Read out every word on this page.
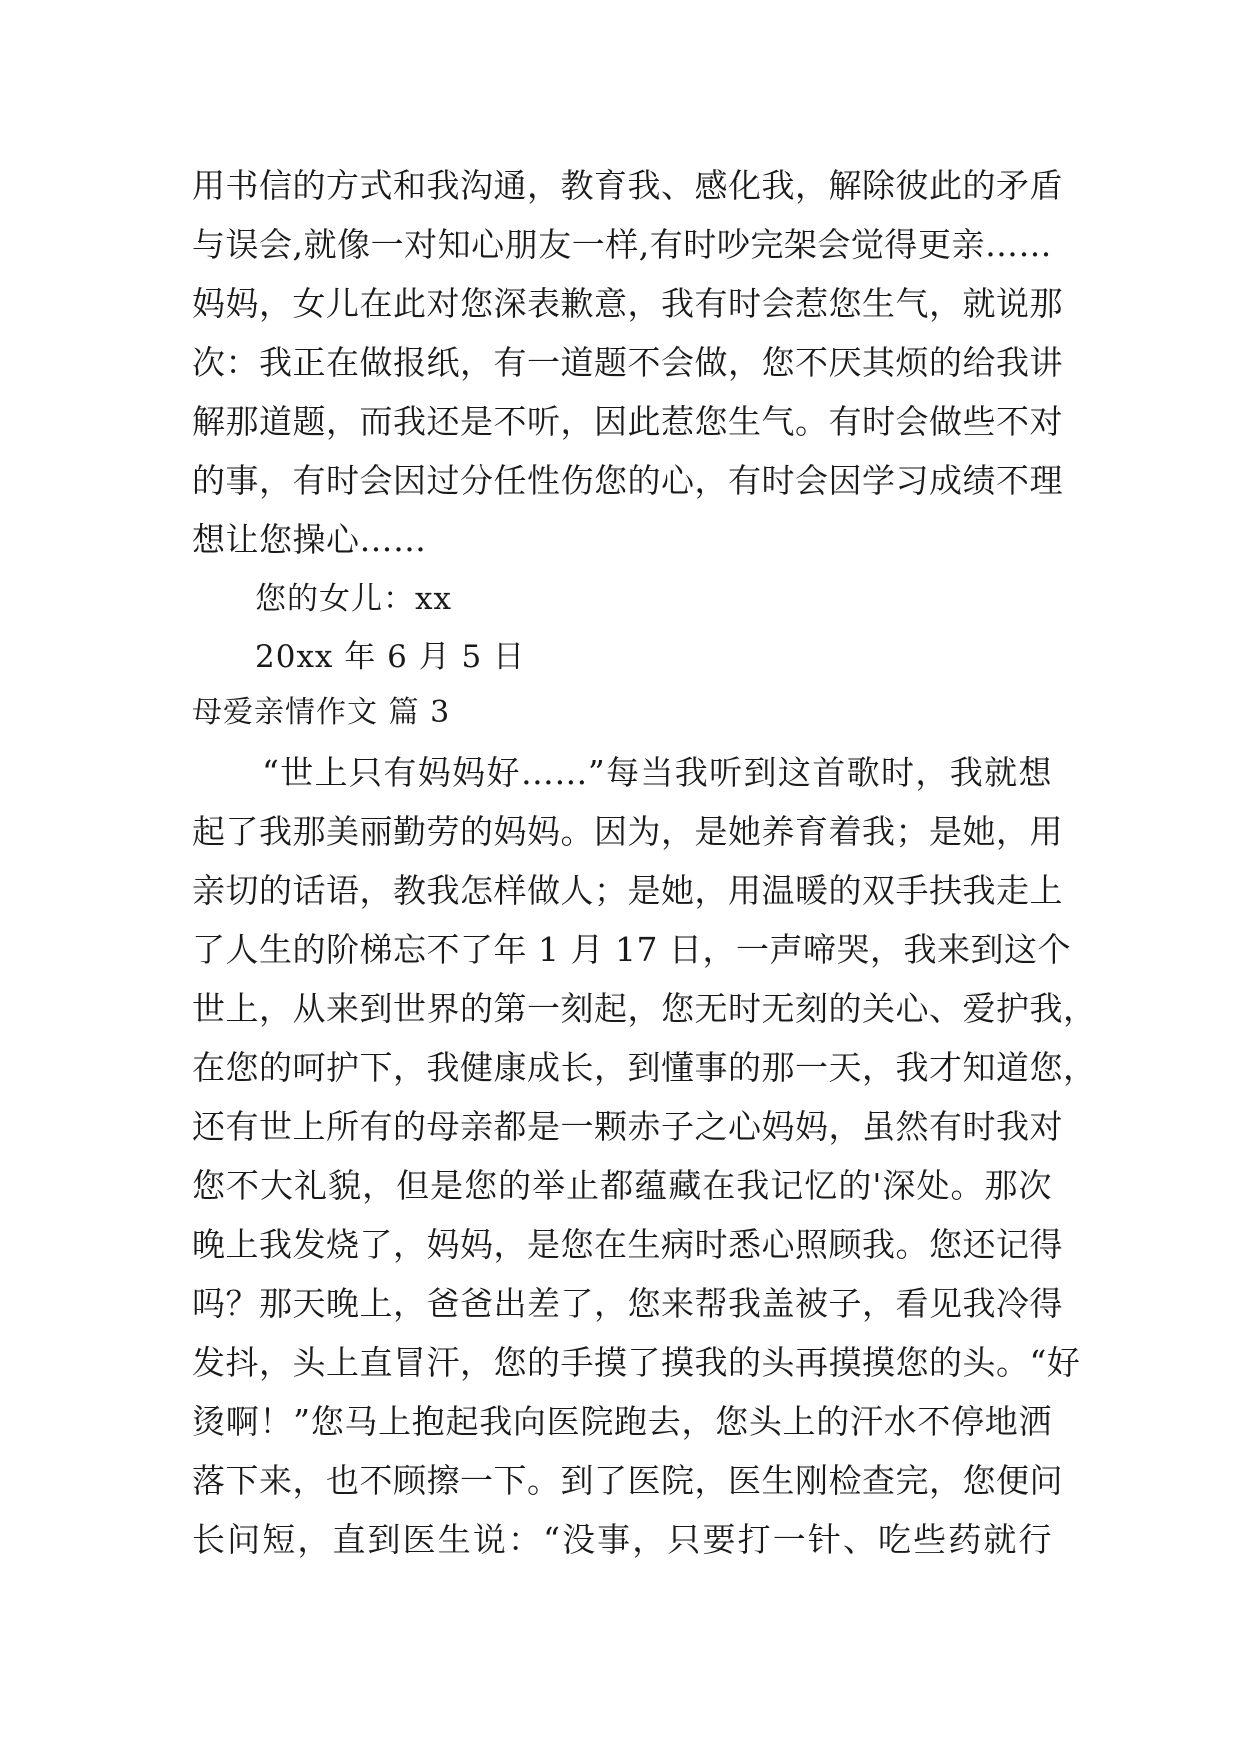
用书信的方式和我沟通，教育我、感化我，解除彼此的矛盾
与误会,就像一对知心朋友一样,有时吵完架会觉得更亲……
妈妈，女儿在此对您深表歉意，我有时会惹您生气，就说那
次：我正在做报纸，有一道题不会做，您不厌其烦的给我讲
解那道题，而我还是不听，因此惹您生气。有时会做些不对
的事，有时会因过分任性伤您的心，有时会因学习成绩不理
想让您操心……
您的女儿：xx
20xx 年 6 月 5 日
母爱亲情作文 篇 3
“世上只有妈妈好……”每当我听到这首歌时，我就想
起了我那美丽勤劳的妈妈。因为，是她养育着我；是她，用
亲切的话语，教我怎样做人；是她，用温暖的双手扶我走上
了人生的阶梯忘不了年 1 月 17 日，一声啼哭，我来到这个
世上，从来到世界的第一刻起，您无时无刻的关心、爱护我，
在您的呵护下，我健康成长，到懂事的那一天，我才知道您，
还有世上所有的母亲都是一颗赤子之心妈妈，虽然有时我对
您不大礼貌，但是您的举止都蕴藏在我记忆的'深处。那次
晚上我发烧了，妈妈，是您在生病时悉心照顾我。您还记得
吗？那天晚上，爸爸出差了，您来帮我盖被子，看见我冷得
发抖，头上直冒汗，您的手摸了摸我的头再摸摸您的头。“好
烫啊！”您马上抱起我向医院跑去，您头上的汗水不停地洒
落下来，也不顾擦一下。到了医院，医生刚检查完，您便问
长问短，直到医生说：“没事，只要打一针、吃些药就行
